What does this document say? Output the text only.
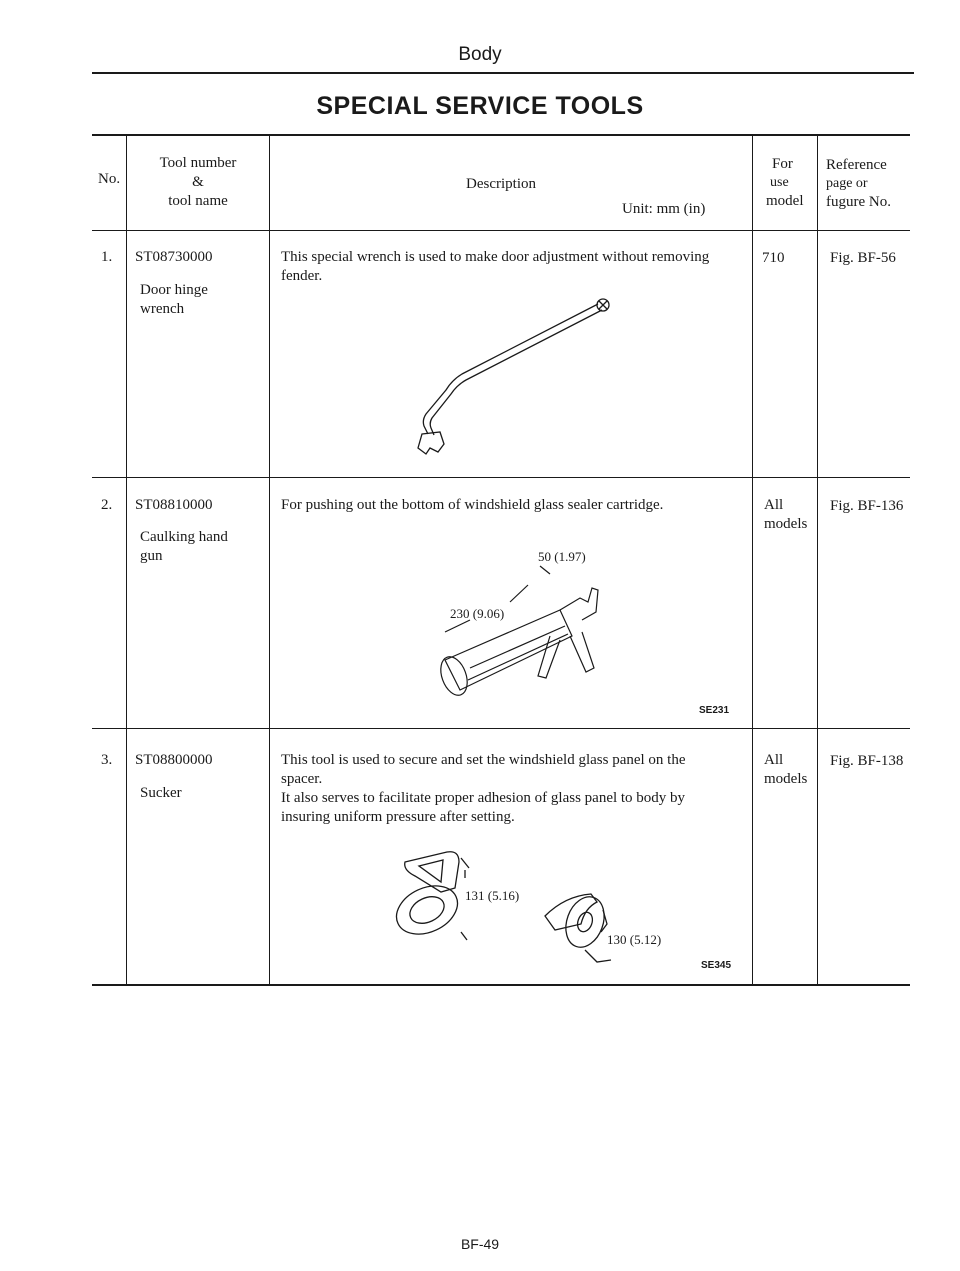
Body
SPECIAL SERVICE TOOLS
No.
Tool number
&
tool name
Description
Unit: mm (in)
For
use
model
Reference
page or
fugure No.
1. ST08730000
Door hinge
wrench
This special wrench is used to make door adjustment without removing
fender.
710	Fig. BF-56
2. ST08810000
Caulking hand
gun
For pushing out the bottom of windshield glass sealer cartridge.	All
models
Fig. BF-136
50 (1.97)
230 (9.06)
SE231
3. ST08800000
Sucker
This tool is used to secure and set the windshield glass panel on the
spacer.
It also serves to facilitate proper adhesion of glass panel to body by
insuring uniform pressure after setting.
All
models
Fig. BF-138
131 (5.16)
130 (5.12)
SE345
BF-49
